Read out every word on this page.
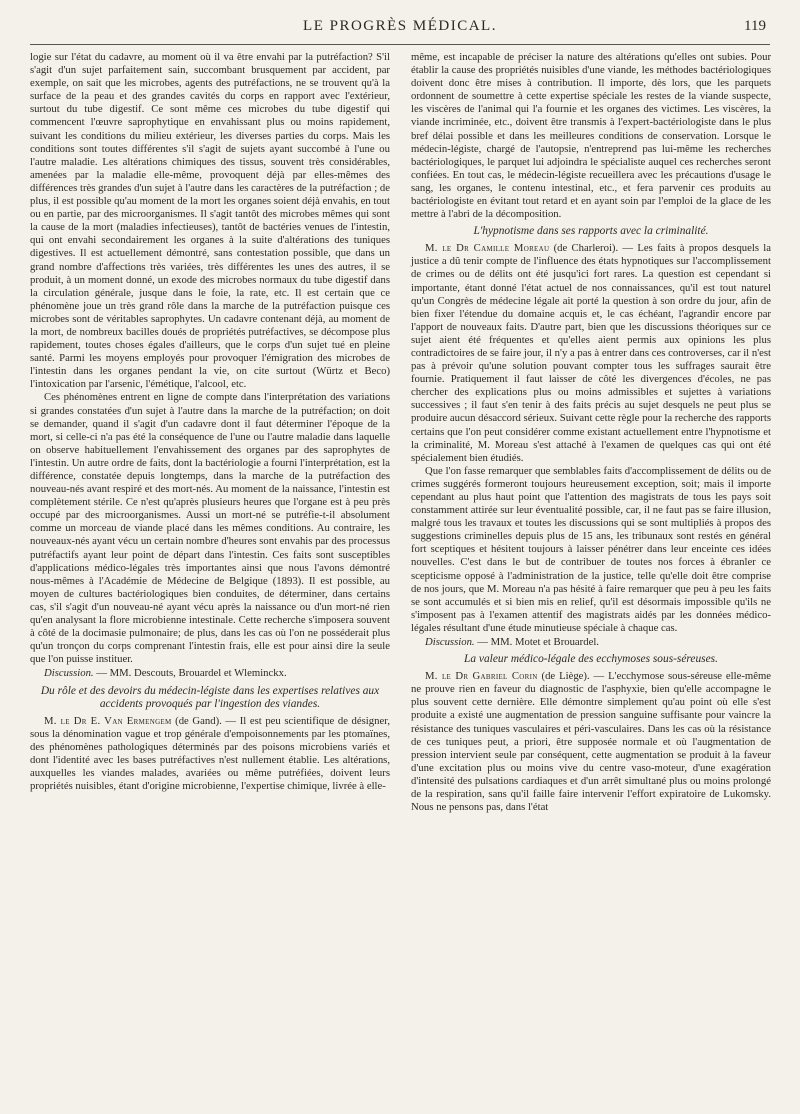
LE PROGRÈS MÉDICAL.	119

logie sur l'état du cadavre, au moment où il va être envahi par la putréfaction? S'il s'agit d'un sujet parfaitement sain, succombant brusquement par accident, par exemple, on sait que les microbes, agents des putréfactions, ne se trouvent qu'à la surface de la peau et des grandes cavités du corps en rapport avec l'extérieur, surtout du tube digestif. Ce sont même ces microbes du tube digestif qui commencent l'œuvre saprophytique en envahissant plus ou moins rapidement, suivant les conditions du milieu extérieur, les diverses parties du corps. Mais les conditions sont toutes différentes s'il s'agit de sujets ayant succombé à l'une ou l'autre maladie. Les altérations chimiques des tissus, souvent très considérables, amenées par la maladie elle-même, provoquent déjà par elles-mêmes des différences très grandes d'un sujet à l'autre dans les caractères de la putréfaction ; de plus, il est possible qu'au moment de la mort les organes soient déjà envahis, en tout ou en partie, par des microorganismes. Il s'agit tantôt des microbes mêmes qui sont la cause de la mort (maladies infectieuses), tantôt de bactéries venues de l'intestin, qui ont envahi secondairement les organes à la suite d'altérations des tuniques digestives. Il est actuellement démontré, sans contestation possible, que dans un grand nombre d'affections très variées, très différentes les unes des autres, il se produit, à un moment donné, un exode des microbes normaux du tube digestif dans la circulation générale, jusque dans le foie, la rate, etc. Il est certain que ce phénomène joue un très grand rôle dans la marche de la putréfaction puisque ces microbes sont de véritables saprophytes. Un cadavre contenant déjà, au moment de la mort, de nombreux bacilles doués de propriétés putréfactives, se décompose plus rapidement, toutes choses égales d'ailleurs, que le corps d'un sujet tué en pleine santé. Parmi les moyens employés pour provoquer l'émigration des microbes de l'intestin dans les organes pendant la vie, on cite surtout (Würtz et Beco) l'intoxication par l'arsenic, l'émétique, l'alcool, etc.

Ces phénomènes entrent en ligne de compte dans l'interprétation des variations si grandes constatées d'un sujet à l'autre dans la marche de la putréfaction; on doit se demander, quand il s'agit d'un cadavre dont il faut déterminer l'époque de la mort, si celle-ci n'a pas été la conséquence de l'une ou l'autre maladie dans laquelle on observe habituellement l'envahissement des organes par des saprophytes de l'intestin. Un autre ordre de faits, dont la bactériologie a fourni l'interprétation, est la différence, constatée depuis longtemps, dans la marche de la putréfaction des nouveau-nés avant respiré et des mort-nés. Au moment de la naissance, l'intestin est complètement stérile. Ce n'est qu'après plusieurs heures que l'organe est à peu près occupé par des microorganismes. Aussi un mort-né se putréfie-t-il absolument comme un morceau de viande placé dans les mêmes conditions. Au contraire, les nouveaux-nés ayant vécu un certain nombre d'heures sont envahis par des processus putréfactifs ayant leur point de départ dans l'intestin. Ces faits sont susceptibles d'applications médico-légales très importantes ainsi que nous l'avons démontré nous-mêmes à l'Académie de Médecine de Belgique (1893). Il est possible, au moyen de cultures bactériologiques bien conduites, de déterminer, dans certains cas, s'il s'agit d'un nouveau-né ayant vécu après la naissance ou d'un mort-né rien qu'en analysant la flore microbienne intestinale. Cette recherche s'imposera souvent à côté de la docimasie pulmonaire; de plus, dans les cas où l'on ne posséderait plus qu'un tronçon du corps comprenant l'intestin frais, elle est pour ainsi dire la seule que l'on puisse instituer.

Discussion. — MM. Descouts, Brouardel et Wleminckx.

Du rôle et des devoirs du médecin-légiste dans les expertises relatives aux accidents provoqués par l'ingestion des viandes.

M. le Dr E. Van Ermengem (de Gand). — Il est peu scientifique de désigner, sous la dénomination vague et trop générale d'empoisonnements par les ptomaïnes, des phénomènes pathologiques déterminés par des poisons microbiens variés et dont l'identité avec les bases putréfactives n'est nullement établie. Les altérations, auxquelles les viandes malades, avariées ou même putréfiées, doivent leurs propriétés nuisibles, étant d'origine microbienne, l'expertise chimique, livrée à elle-

même, est incapable de préciser la nature des altérations qu'elles ont subies. Pour établir la cause des propriétés nuisibles d'une viande, les méthodes bactériologiques doivent donc être mises à contribution. Il importe, dès lors, que les parquets ordonnent de soumettre à cette expertise spéciale les restes de la viande suspecte, les viscères de l'animal qui l'a fournie et les organes des victimes. Les viscères, la viande incriminée, etc., doivent être transmis à l'expert-bactériologiste dans le plus bref délai possible et dans les meilleures conditions de conservation. Lorsque le médecin-légiste, chargé de l'autopsie, n'entreprend pas lui-même les recherches bactériologiques, le parquet lui adjoindra le spécialiste auquel ces recherches seront confiées. En tout cas, le médecin-légiste recueillera avec les précautions d'usage le sang, les organes, le contenu intestinal, etc., et fera parvenir ces produits au bactériologiste en évitant tout retard et en ayant soin par l'emploi de la glace de les mettre à l'abri de la décomposition.

L'hypnotisme dans ses rapports avec la criminalité.

M. le Dr Camille Moreau (de Charleroi). — Les faits à propos desquels la justice a dû tenir compte de l'influence des états hypnotiques sur l'accomplissement de crimes ou de délits ont été jusqu'ici fort rares. La question est cependant si importante, étant donné l'état actuel de nos connaissances, qu'il est tout naturel qu'un Congrès de médecine légale ait porté la question à son ordre du jour, afin de bien fixer l'étendue du domaine acquis et, le cas échéant, l'agrandir encore par l'apport de nouveaux faits. D'autre part, bien que les discussions théoriques sur ce sujet aient été fréquentes et qu'elles aient permis aux opinions les plus contradictoires de se faire jour, il n'y a pas à entrer dans ces controverses, car il n'est pas à prévoir qu'une solution pouvant compter tous les suffrages saurait être fournie. Pratiquement il faut laisser de côté les divergences d'écoles, ne pas chercher des explications plus ou moins admissibles et sujettes à variations successives ; il faut s'en tenir à des faits précis au sujet desquels ne peut plus se produire aucun désaccord sérieux. Suivant cette règle pour la recherche des rapports certains que l'on peut considérer comme existant actuellement entre l'hypnotisme et la criminalité, M. Moreau s'est attaché à l'examen de quelques cas qui ont été spécialement bien étudiés.

Que l'on fasse remarquer que semblables faits d'accomplissement de délits ou de crimes suggérés formeront toujours heureusement exception, soit; mais il importe cependant au plus haut point que l'attention des magistrats de tous les pays soit constamment attirée sur leur éventualité possible, car, il ne faut pas se faire illusion, malgré tous les travaux et toutes les discussions qui se sont multipliés à propos des suggestions criminelles depuis plus de 15 ans, les tribunaux sont restés en général fort sceptiques et hésitent toujours à laisser pénétrer dans leur enceinte ces idées nouvelles. C'est dans le but de contribuer de toutes nos forces à ébranler ce scepticisme opposé à l'administration de la justice, telle qu'elle doit être comprise de nos jours, que M. Moreau n'a pas hésité à faire remarquer que peu à peu les faits se sont accumulés et si bien mis en relief, qu'il est désormais impossible qu'ils ne s'imposent pas à l'examen attentif des magistrats aidés par les données médico-légales résultant d'une étude minutieuse spéciale à chaque cas.

Discussion. — MM. Motet et Brouardel.

La valeur médico-légale des ecchymoses sous-séreuses.

M. le Dr Gabriel Corin (de Liège). — L'ecchymose sous-séreuse elle-même ne prouve rien en faveur du diagnostic de l'asphyxie, bien qu'elle accompagne le plus souvent cette dernière. Elle démontre simplement qu'au point où elle s'est produite a existé une augmentation de pression sanguine suffisante pour vaincre la résistance des tuniques vasculaires et péri-vasculaires. Dans les cas où la résistance de ces tuniques peut, a priori, être supposée normale et où l'augmentation de pression intervient seule par conséquent, cette augmentation se produit à la faveur d'une excitation plus ou moins vive du centre vaso-moteur, d'une exagération d'intensité des pulsations cardiaques et d'un arrêt simultané plus ou moins prolongé de la respiration, sans qu'il faille faire intervenir l'effort expiratoire de Lukomsky. Nous ne pensons pas, dans l'état
